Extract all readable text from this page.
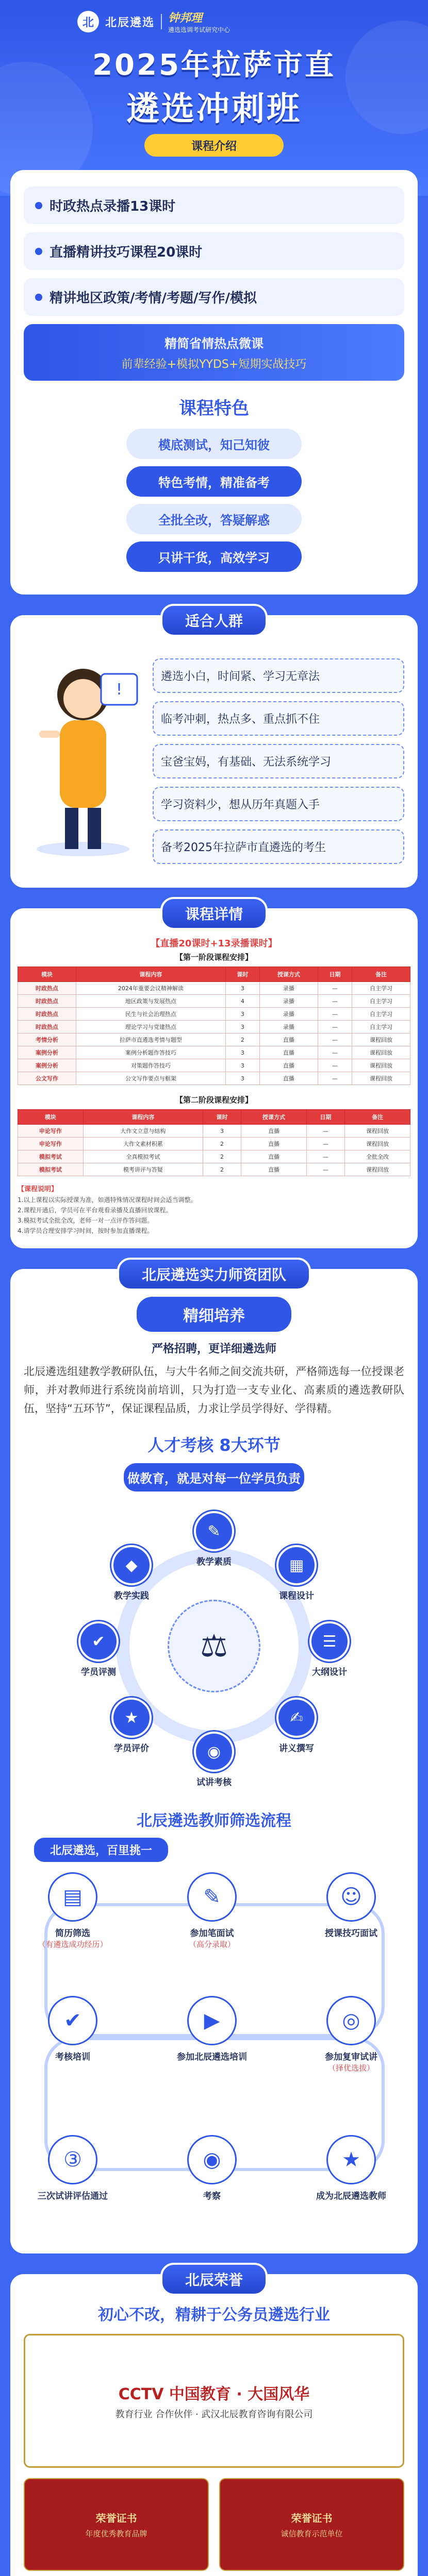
北	北辰遴选 钟邦理
遴选选调考试研究中心
2025年拉萨市直
遴选冲刺班
课程介绍
时政热点录播13课时
直播精讲技巧课程20课时
精讲地区政策/考情/考题/写作/模拟
精简省情热点微课
前辈经验+模拟YYDS+短期实战技巧
课程特色
模底测试，知己知彼
特色考情，精准备考
全批全改，答疑解惑
只讲干货，高效学习
适合人群
!
遴选小白，时间紧、学习无章法
临考冲刺，热点多、重点抓不住
宝爸宝妈，有基础、无法系统学习
学习资料少，想从历年真题入手
备考2025年拉萨市直遴选的考生
课程详情
【直播20课时+13录播课时】
【第一阶段课程安排】
模块	课程内容	课时	授课方式	日期	备注
时政热点	2024年重要会议精神解读	3	录播	—	自主学习
时政热点	地区政策与发展热点	4	录播	—	自主学习
时政热点	民生与社会治理热点	3	录播	—	自主学习
时政热点	理论学习与党建热点	3	录播	—	自主学习
考情分析	拉萨市直遴选考情与题型	2	直播	—	课程回放
案例分析	案例分析题作答技巧	3	直播	—	课程回放
案例分析	对策题作答技巧	3	直播	—	课程回放
公文写作	公文写作要点与框架	3	直播	—	课程回放
【第二阶段课程安排】
模块	课程内容	课时	授课方式	日期	备注
申论写作	大作文立意与结构	3	直播	—	课程回放
申论写作	大作文素材积累	2	直播	—	课程回放
模拟考试	全真模拟考试	2	直播	—	全批全改
模拟考试	模考讲评与答疑	2	直播	—	课程回放
【课程说明】
1.以上课程以实际授课为准，如遇特殊情况课程时间会适当调整。
2.课程开通后，学员可在平台观看录播及直播回放课程。
3.模拟考试全批全改，老师一对一点评作答问题。
4.请学员合理安排学习时间，按时参加直播课程。
北辰遴选实力师资团队
精细培养
严格招聘，更详细遴选师
北辰遴选组建教学教研队伍，与大牛名师之间交流共研，严格筛选每一位授课老师，并对教师进行系统岗前培训，只为打造一支专业化、高素质的遴选教研队伍，坚持“五环节”，保证课程品质，力求让学员学得好、学得精。
人才考核 8大环节
做教育，就是对每一位学员负责
⚖
✎
教学素质	▦
课程设计
☰
大纲设计
✍
讲义撰写
◉
试讲考核
★
学员评价
✔
学员评测
◆
教学实践
北辰遴选教师筛选流程
北辰遴选，百里挑一
▤
简历筛选
（有遴选成功经历）
✎
参加笔面试
（高分录取）
☺
授课技巧面试
▶
参加北辰遴选培训
◎
参加复审试讲
（择优选拔）
✔
考核培训
③
三次试讲评估通过
◉
考察
★
成为北辰遴选教师
北辰荣誉
初心不改，精耕于公务员遴选行业
CCTV 中国教育 · 大国风华
教育行业 合作伙伴 · 武汉北辰教育咨询有限公司
荣誉证书
年度优秀教育品牌
荣誉证书
诚信教育示范单位
